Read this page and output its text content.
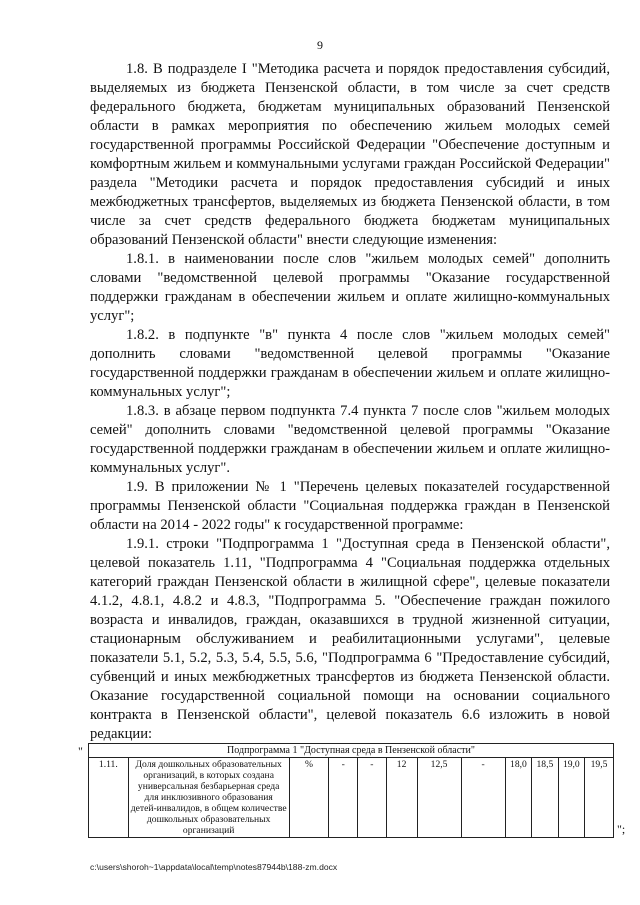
9

1.8. В подразделе I "Методика расчета и порядок предоставления субсидий, выделяемых из бюджета Пензенской области, в том числе за счет средств федерального бюджета, бюджетам муниципальных образований Пензенской области в рамках мероприятия по обеспечению жильем молодых семей государственной программы Российской Федерации "Обеспечение доступным и комфортным жильем и коммунальными услугами граждан Российской Федерации" раздела "Методики расчета и порядок предоставления субсидий и иных межбюджетных трансфертов, выделяемых из бюджета Пензенской области, в том числе за счет средств федерального бюджета бюджетам муниципальных образований Пензенской области" внести следующие изменения:

1.8.1. в наименовании после слов "жильем молодых семей" дополнить словами "ведомственной целевой программы "Оказание государственной поддержки гражданам в обеспечении жильем и оплате жилищно-коммунальных услуг";

1.8.2. в подпункте "в" пункта 4 после слов "жильем молодых семей" дополнить словами "ведомственной целевой программы "Оказание государственной поддержки гражданам в обеспечении жильем и оплате жилищно-коммунальных услуг";

1.8.3. в абзаце первом подпункта 7.4 пункта 7 после слов "жильем молодых семей" дополнить словами "ведомственной целевой программы "Оказание государственной поддержки гражданам в обеспечении жильем и оплате жилищно-коммунальных услуг".

1.9. В приложении № 1 "Перечень целевых показателей государственной программы Пензенской области "Социальная поддержка граждан в Пензенской области на 2014 - 2022 годы" к государственной программе:

1.9.1. строки "Подпрограмма 1 "Доступная среда в Пензенской области", целевой показатель 1.11, "Подпрограмма 4 "Социальная поддержка отдельных категорий граждан Пензенской области в жилищной сфере", целевые показатели 4.1.2, 4.8.1, 4.8.2 и 4.8.3, "Подпрограмма 5. "Обеспечение граждан пожилого возраста и инвалидов, граждан, оказавшихся в трудной жизненной ситуации, стационарным обслуживанием и реабилитационными услугами", целевые показатели 5.1, 5.2, 5.3, 5.4, 5.5, 5.6, "Подпрограмма 6 "Предоставление субсидий, субвенций и иных межбюджетных трансфертов из бюджета Пензенской области. Оказание государственной социальной помощи на основании социального контракта в Пензенской области", целевой показатель 6.6 изложить в новой редакции:

"	Подпрограмма 1 "Доступная среда в Пензенской области"
1.11.	Доля дошкольных образовательных организаций, в которых создана универсальная безбарьерная среда для инклюзивного образования детей-инвалидов, в общем количестве дошкольных образовательных организаций	%	-	-	12	12,5	-	18,0	18,5	19,0	19,5
";
c:\users\shoroh~1\appdata\local\temp\notes87944b\188-zm.docx
